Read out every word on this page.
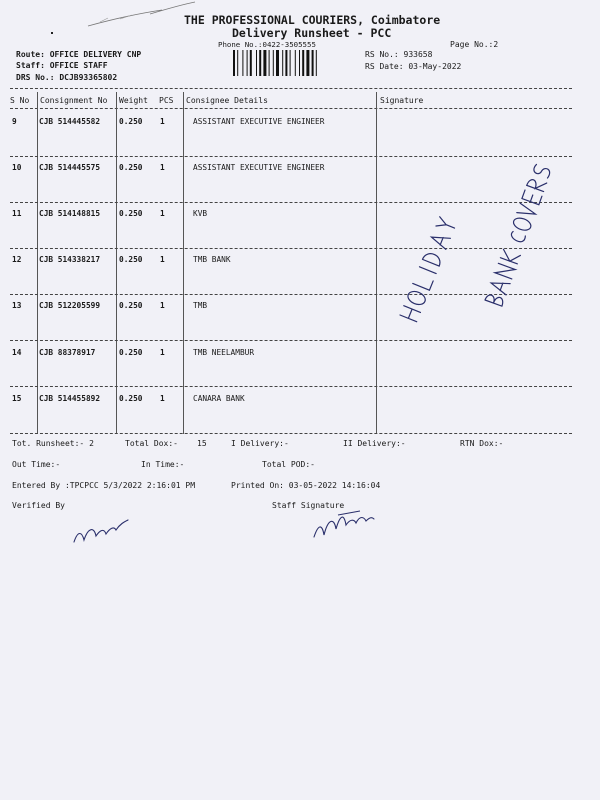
THE PROFESSIONAL COURIERS, Coimbatore
Delivery Runsheet - PCC
Phone No.:0422-3505555	Page No.:2
Route: OFFICE DELIVERY CNP
Staff: OFFICE STAFF
DRS No.: DCJB93365802
RS No.: 933658
RS Date: 03-May-2022
S No Consignment No Weight PCS Consignee Details	Signature
9	CJB 514445582 0.250 1	ASSISTANT EXECUTIVE ENGINEER
10 CJB 514445575 0.250 1	ASSISTANT EXECUTIVE ENGINEER
11 CJB 514148815 0.250 1	KVB
12 CJB 514338217 0.250 1	TMB BANK
13 CJB 512205599 0.250 1	TMB
14 CJB 88378917	0.250 1	TMB NEELAMBUR
15 CJB 514455892 0.250 1	CANARA BANK
Tot. Runsheet:- 2	Total Dox:- 15	I Delivery:-	II Delivery:-	RTN Dox:-
Out Time:-	In Time:-	Total POD:-
Entered By :TPCPCC 5/3/2022 2:16:01 PM	Printed On: 03-05-2022 14:16:04
Verified By	Staff Signature
